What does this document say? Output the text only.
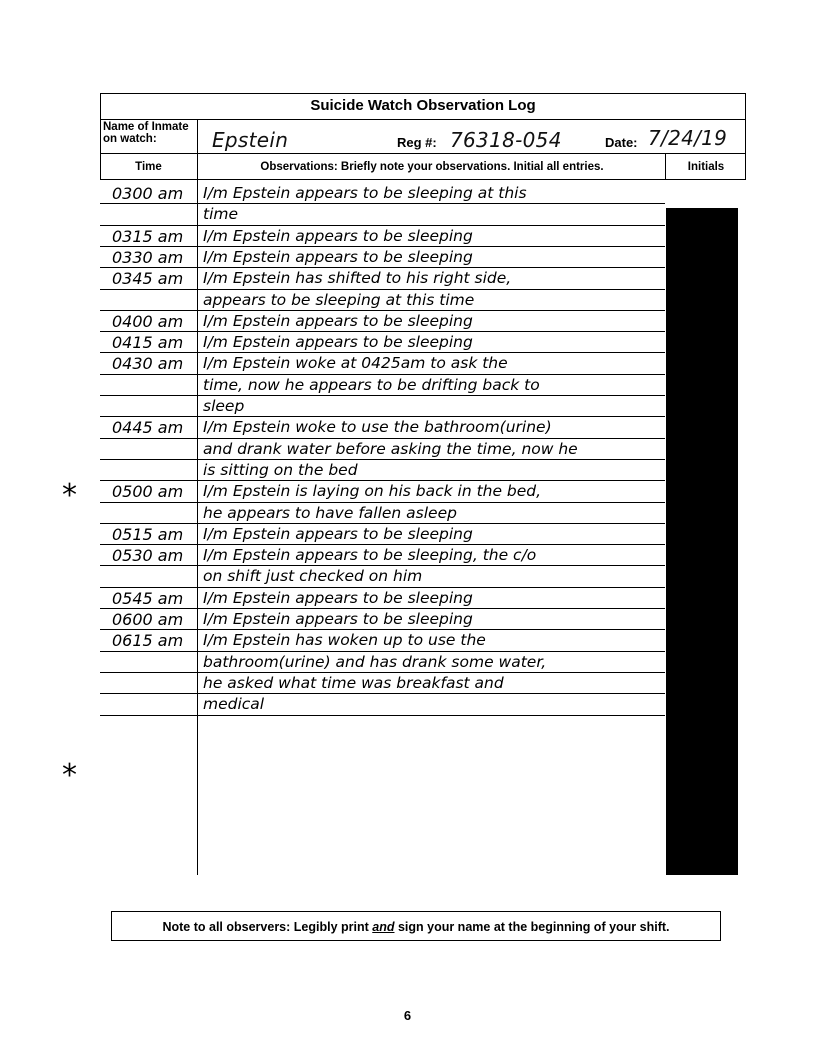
Suicide Watch Observation Log
Name of Inmate on watch:	Epstein	Reg #: 76318-054	Date: 7/24/19
Time	Observations: Briefly note your observations. Initial all entries.	Initials
*
*
0300 am I/m Epstein appears to be sleeping at this
time
0315 am I/m Epstein appears to be sleeping
0330 am I/m Epstein appears to be sleeping
0345 am I/m Epstein has shifted to his right side,
appears to be sleeping at this time
0400 am I/m Epstein appears to be sleeping
0415 am I/m Epstein appears to be sleeping
0430 am I/m Epstein woke at 0425am to ask the
time, now he appears to be drifting back to
sleep
0445 am I/m Epstein woke to use the bathroom(urine)
and drank water before asking the time, now he
is sitting on the bed
0500 am I/m Epstein is laying on his back in the bed,
he appears to have fallen asleep
0515 am I/m Epstein appears to be sleeping
0530 am I/m Epstein appears to be sleeping, the c/o
on shift just checked on him
0545 am I/m Epstein appears to be sleeping
0600 am I/m Epstein appears to be sleeping
0615 am I/m Epstein has woken up to use the
bathroom(urine) and has drank some water,
he asked what time was breakfast and
medical
Note to all observers: Legibly print and sign your name at the beginning of your shift.
6
